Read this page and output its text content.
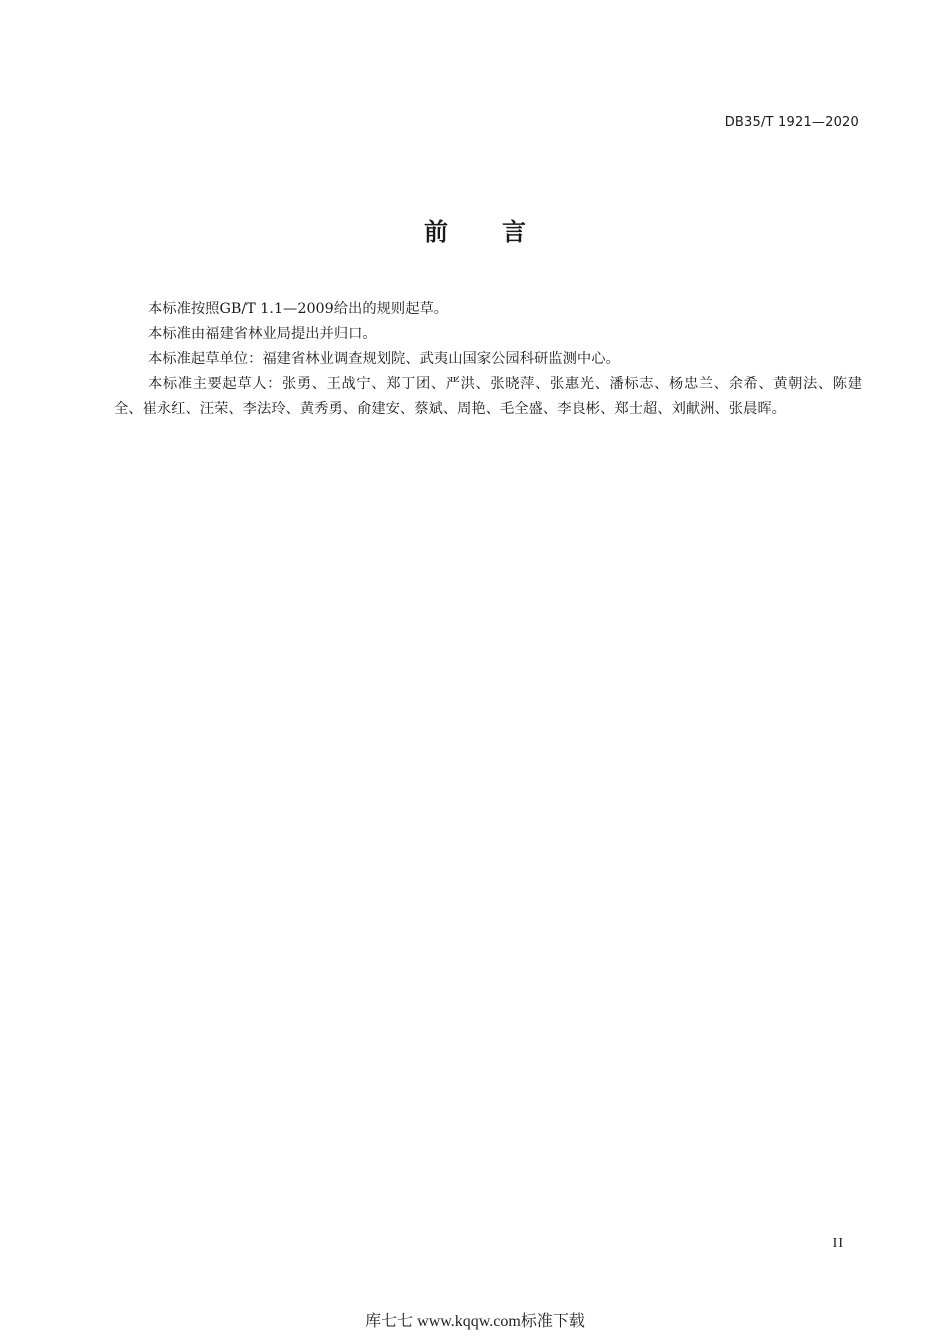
DB35/T 1921—2020
前 言

本标准按照GB/T 1.1—2009给出的规则起草。

本标准由福建省林业局提出并归口。

本标准起草单位：福建省林业调查规划院、武夷山国家公园科研监测中心。

本标准主要起草人：张勇、王战宁、郑丁团、严洪、张晓萍、张惠光、潘标志、杨忠兰、余希、黄朝法、陈建全、崔永红、汪荣、李法玲、黄秀勇、俞建安、蔡斌、周艳、毛全盛、李良彬、郑士超、刘献洲、张晨晖。

II
库七七 www.kqqw.com标准下载
